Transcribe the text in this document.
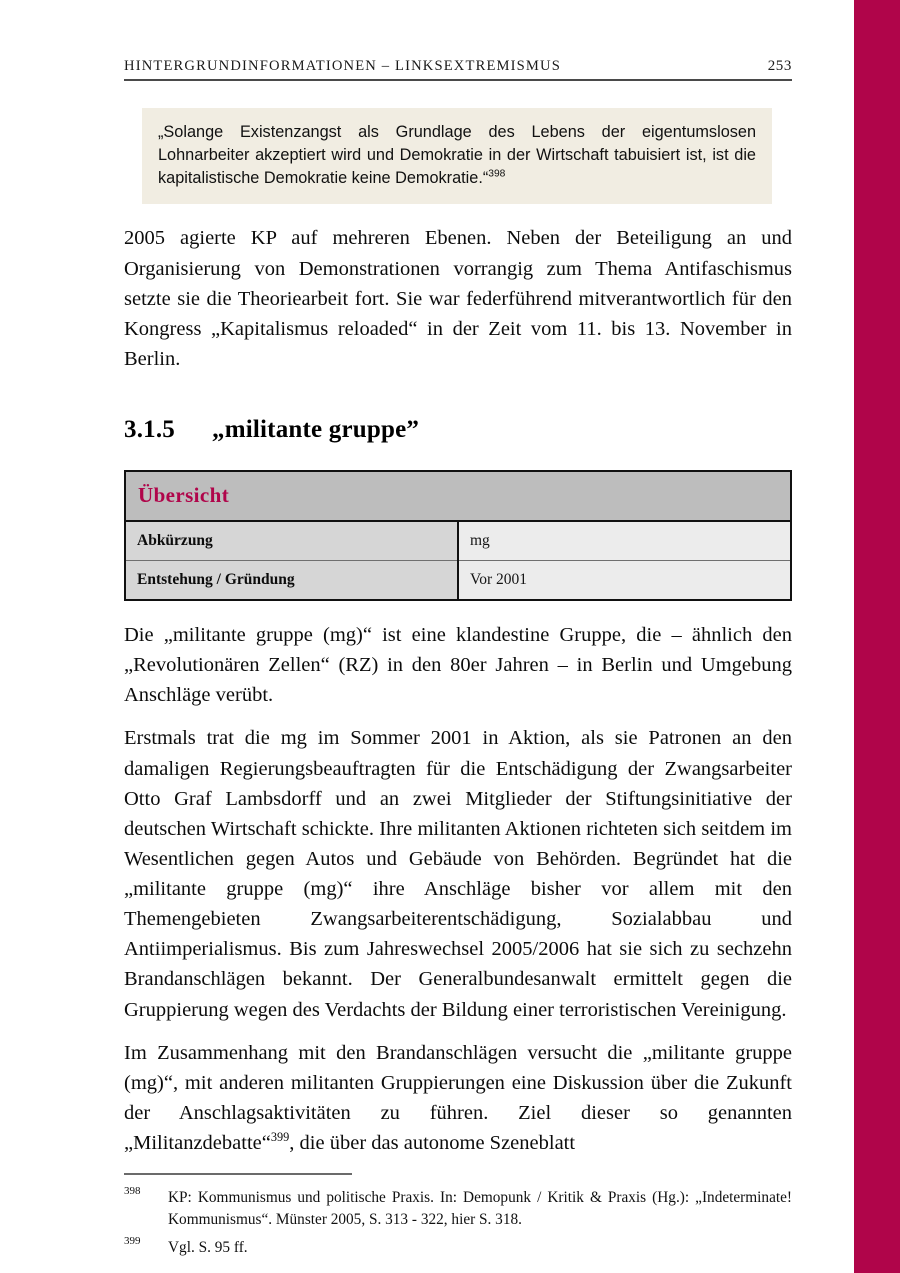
HINTERGRUNDINFORMATIONEN – LINKSEXTREMISMUS	253
„Solange Existenzangst als Grundlage des Lebens der eigentumslosen Lohnarbeiter akzeptiert wird und Demokratie in der Wirtschaft tabuisiert ist, ist die kapitalistische Demokratie keine Demokratie.“$^{398}$

2005 agierte KP auf mehreren Ebenen. Neben der Beteiligung an und Organisierung von Demonstrationen vorrangig zum Thema Antifaschismus setzte sie die Theoriearbeit fort. Sie war federführend mitverantwortlich für den Kongress „Kapitalismus reloaded“ in der Zeit vom 11. bis 13. November in Berlin.

3.1.5 „militante gruppe”
Übersicht	
Abkürzung	mg
Entstehung / Gründung	Vor 2001

Die „militante gruppe (mg)“ ist eine klandestine Gruppe, die – ähnlich den „Revolutionären Zellen“ (RZ) in den 80er Jahren – in Berlin und Umgebung Anschläge verübt.

Erstmals trat die mg im Sommer 2001 in Aktion, als sie Patronen an den damaligen Regierungsbeauftragten für die Entschädigung der Zwangsarbeiter Otto Graf Lambsdorff und an zwei Mitglieder der Stiftungsinitiative der deutschen Wirtschaft schickte. Ihre militanten Aktionen richteten sich seitdem im Wesentlichen gegen Autos und Gebäude von Behörden. Begründet hat die „militante gruppe (mg)“ ihre Anschläge bisher vor allem mit den Themengebieten Zwangsarbeiterentschädigung, Sozialabbau und Antiimperialismus. Bis zum Jahreswechsel 2005/2006 hat sie sich zu sechzehn Brandanschlägen bekannt. Der Generalbundesanwalt ermittelt gegen die Gruppierung wegen des Verdachts der Bildung einer terroristischen Vereinigung.

Im Zusammenhang mit den Brandanschlägen versucht die „militante gruppe (mg)“, mit anderen militanten Gruppierungen eine Diskussion über die Zukunft der Anschlagsaktivitäten zu führen. Ziel dieser so genannten „Militanzdebatte“$^{399}$, die über das autonome Szeneblatt

398 KP: Kommunismus und politische Praxis. In: Demopunk / Kritik & Praxis (Hg.): „Indeterminate! Kommunismus“. Münster 2005, S. 313 - 322, hier S. 318.
399 Vgl. S. 95 ff.
